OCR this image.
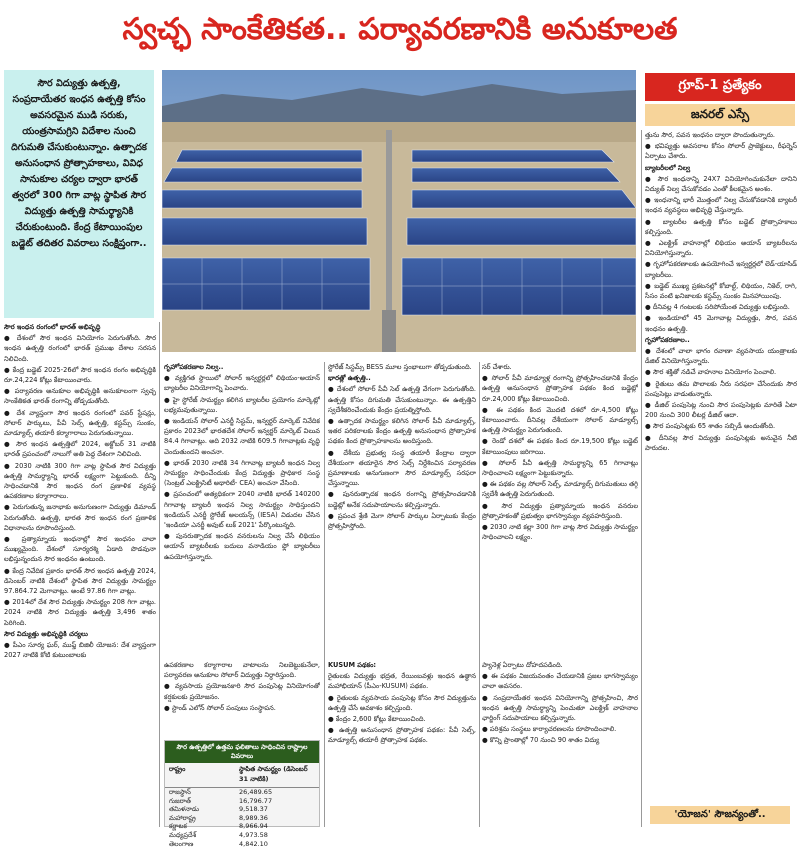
స్వచ్ఛ సాంకేతికత.. పర్యావరణానికి అనుకూలత
సౌర విద్యుత్తు ఉత్పత్తి, సంప్రదాయేతర ఇంధన ఉత్పత్తి కోసం అవసరమైన ముడి సరుకు, యంత్రసామగ్రిని విదేశాల నుంచి దిగుమతి చేసుకుంటున్నాం. ఉత్పాదక అనుసంధాన ప్రోత్సాహకాలు, వివిధ సానుకూల చర్యల ద్వారా భారత్ త్వరలో 300 గిగా వాట్ల స్థాపిత సౌర విద్యుత్తు ఉత్పత్తి సామర్థ్యానికి చేరుకుంటుంది. కేంద్ర కేటాయింపుల బడ్జెట్ తదితర వివరాలు సంక్షిప్తంగా..
గ్రూప్-1 ప్రత్యేకం
జనరల్ ఎస్సే

సౌర ఇంధన రంగంలో భారత్ అభివృద్ధి

● దేశంలో సౌర ఇంధన వినియోగం పెరుగుతోంది. సౌర ఇంధన ఉత్పత్తి రంగంలో భారత్ ప్రముఖ దేశాల సరసన నిలిచింది.

● కేంద్ర బడ్జెట్ 2025-26లో సౌర ఇంధన రంగం అభివృద్ధికి రూ.24,224 కోట్లు కేటాయించారు.

● పర్యావరణ అనుకూల అభివృద్ధికి అనుకూలంగా స్వచ్ఛ సాంకేతికత భారత్ రంగాన్ని తోడ్పడుతోంది.

● దేశ వ్యాప్తంగా సౌర ఇంధన రంగంలో పవర్ స్టేషన్లు, సోలార్ పార్కులు, పీవీ సెల్స్ ఉత్పత్తి, కస్టమ్స్ సుంకం, మాడ్యూల్స్ తయారీ కర్మాగారాలు పెరుగుతున్నాయి.

● సౌర ఇంధన ఉత్పత్తిలో 2024, అక్టోబర్ 31 నాటికి భారత్ ప్రపంచంలో నాలుగో అతి పెద్ద దేశంగా నిలిచింది.

● 2030 నాటికి 300 గిగా వాట్ల స్థాపిత సౌర విద్యుత్తు ఉత్పత్తి సామర్థ్యాన్ని భారత్ లక్ష్యంగా పెట్టుకుంది. దీన్ని సాధించడానికి సౌర ఇంధన రంగ ప్రణాళిక వ్యవస్థ ఉపకరణాల కర్మాగారాలు.

● పెరుగుతున్న జనాభాకు అనుగుణంగా విద్యుత్తు డిమాండ్ పెరుగుతోంది. ఉత్పత్తి, భారత సౌర ఇంధన రంగ ప్రణాళిక విధానాలను రూపొందిస్తుంది.

● ప్రత్యామ్నాయ ఇంధనాల్లో సౌర ఇంధనం చాలా ముఖ్యమైంది. దేశంలో సూర్యరశ్మి ఏడాది పొడవునా లభిస్తున్నందున సౌర ఇంధనం ఉంటుంది.

● కేంద్ర నివేదిక ప్రకారం భారత్ సౌర ఇంధన ఉత్పత్తి 2024, డిసెంబర్ నాటికి దేశంలో స్థాపిత సౌర విద్యుత్తు సామర్థ్యం 97.864.72 మెగావాట్లు. అంటే 97.86 గిగా వాట్లు.

● 2014లో దేశ సౌర విద్యుత్తు సామర్థ్యం 208 గిగా వాట్లు. 2024 నాటికి సౌర విద్యుత్తు ఉత్పత్తి 3,496 శాతం పెరిగింది.

సౌర విద్యుత్తు అభివృద్ధికి చర్యలు

● పీఎం సూర్య ఘర్, ముఫ్త్ బిజిలీ యోజన: దేశ వ్యాప్తంగా 2027 నాటికి కోటి కుటుంబాలకు

గృహోపకరణాల నిల్వ..

● వ్యక్తిగత స్థాయిలో సోలార్ ఇన్వర్టర్లలో లిథియం-అయాన్ బ్యాటరీల వినియోగాన్ని పెంచారు.

● హై స్టోరేజ్ సామర్థ్యం కలిగిన బ్యాటరీల ప్రయోగం మార్కెట్లో లభ్యమవుతున్నాయి.

● ఇండియన్ సోలార్ ఎనర్జీ సిస్టమ్, ఇన్వర్టర్ మార్కెట్ నివేదిక ప్రకారం 2023లో భారతదేశ సోలార్ ఇన్వర్టర్ మార్కెట్ విలువ 84.4 గిగావాట్లు. అది 2032 నాటికి 609.5 గిగావాట్లకు వృద్ధి చెందుతుందని అంచనా.

● భారత్ 2030 నాటికి 34 గిగావాట్ల బ్యాటరీ ఇంధన నిల్వ సామర్థ్యం సాధించేందుకు కేంద్ర విద్యుత్తు ప్రాధికార సంస్థ (సెంట్రల్ ఎలక్ట్రిసిటీ అథారిటీ- CEA) అంచనా వేసింది.

● ప్రపంచంలో అత్యధికంగా 2040 నాటికి భారత్ 140200 గిగావాట్ల బ్యాటరీ ఇంధన నిల్వ సామర్థ్యం సాధిస్తుందని ఇండియన్ ఎనర్జీ స్టోరేజ్ అలయన్స్ (IESA) విడుదల చేసిన 'ఇండియా ఎనర్జీ అవుట్ లుక్ 2021' పేర్కొంటున్నది.

● పునరుత్పాదక ఇంధన వనరులను నిల్వ చేసే లిథియం అయాన్ బ్యాటరీలకు బదులు వనాడియం ఫ్లో బ్యాటరీలు ఉపయోగిస్తున్నారు.

స్టోరేజ్ సిస్టమ్స్ BESS మూల స్తంభాలుగా తోడ్పడుతుంది.

భారత్లో ఉత్పత్తి..

● దేశంలో సోలార్ పీవీ సెల్ ఉత్పత్తి వేగంగా పెరుగుతోంది. ఉత్పత్తి కోసం దిగుమతి చేసుకుంటున్నాం. ఈ ఉత్పత్తిని స్వదేశీకరించేందుకు కేంద్రం ప్రయత్నిస్తోంది.

● ఉత్పాదక సామర్థ్యం కలిగిన సోలార్ పీవీ మాడ్యూల్స్, ఇతర పరికరాలకు కేంద్రం ఉత్పత్తి అనుసంధాన ప్రోత్సాహక పథకం కింద ప్రోత్సాహకాలను అందిస్తుంది.

● దేశీయ ప్రభుత్వ సంస్థ తయారీ కేంద్రాల ద్వారా దేశీయంగా తయారైన సౌర సెల్స్ నిర్దేశించిన పర్యావరణ ప్రమాణాలకు అనుగుణంగా సౌర మాడ్యూల్స్ సరఫరా చేస్తున్నాయి.

● పునరుత్పాదక ఇంధన రంగాన్ని ప్రోత్సహించడానికి బడ్జెట్లో అనేక సదుపాయాలను కల్పిస్తున్నారు.

● ప్రపంచ శ్రేణి మెగా సోలార్ పార్కుల ఏర్పాటుకు కేంద్రం ప్రోత్సహిస్తోంది.

సర్ చేశారు.

● సోలార్ పీవీ మాడ్యూళ్ల రంగాన్ని ప్రోత్సహించడానికి కేంద్రం ఉత్పత్తి అనుసంధాన ప్రోత్సాహక పథకం కింద బడ్జెట్లో రూ.24,000 కోట్లు కేటాయించింది.

● ఈ పథకం కింద మొదటి దశలో రూ.4,500 కోట్లు కేటాయించారు. దీనివల్ల దేశీయంగా సోలార్ మాడ్యూల్స్ ఉత్పత్తి సామర్థ్యం పెరుగుతుంది.

● రెండో దశలో ఈ పథకం కింద రూ.19,500 కోట్లు బడ్జెట్ కేటాయింపులు జరిగాయి.

● సోలార్ పీవీ ఉత్పత్తి సామర్థ్యాన్ని 65 గిగావాట్లు సాధించాలని లక్ష్యంగా పెట్టుకున్నారు.

● ఈ పథకం వల్ల సోలార్ సెల్స్, మాడ్యూల్స్ దిగుమతులు తగ్గి స్వదేశీ ఉత్పత్తి పెరుగుతుంది.

● సౌర విద్యుత్తు ప్రత్యామ్నాయ ఇంధన వనరుల ప్రోత్సాహకంతో ప్రభుత్వం భాగస్వామ్యం వ్యవహరిస్తుంది.

● 2030 నాటి కల్లా 300 గిగా వాట్ల సౌర విద్యుత్తు సామర్థ్యం సాధించాలని లక్ష్యం.

ఉపకరణాల కర్మాగారాల వాటాలను నిలబెట్టుకునేలా, పర్యావరణ అనుకూల సోలార్ విద్యుత్తు నిర్ధారిస్తుంది.

● వ్యవసాయ ప్రయోజనకారి సౌర పంపుసెట్ల వినియోగంతో కర్షకులకు ప్రయోజనం.

● స్టాండ్ ఎలోన్ సోలార్ పంపులు సంస్థాపన.

KUSUM పథకం:

రైతులకు విద్యుత్తు భద్రత, రేయింబవళ్లు ఇంధన ఉత్థాన మహాభియాన్ (పీఎం-KUSUM) పథకం.

● రైతులకు వ్యవసాయ పంపుసెట్ల కోసం సౌర విద్యుత్తును ఉత్పత్తి చేసే అవకాశం కల్పిస్తుంది.

● కేంద్రం 2,600 కోట్లు కేటాయించింది.

● ఉత్పత్తి అనుసంధాన ప్రోత్సాహక పథకం: పీవీ సెల్స్, మాడ్యూల్స్ తయారీ ప్రోత్సాహక పథకం.

ప్యానెళ్ల ఏర్పాటు దోహదపడింది.

● ఈ పథకం విజయవంతం చేయడానికి ప్రజల భాగస్వామ్యం చాలా అవసరం.

● సంప్రదాయేతర ఇంధన వినియోగాన్ని ప్రోత్సహించి, సౌర ఇంధన ఉత్పత్తి సామర్థ్యాన్ని పెంచుతూ ఎలక్ట్రిక్ వాహనాల ఛార్జింగ్ సదుపాయాలు కల్పిస్తున్నారు.

● పరిశ్రమ సంస్థలు కార్యాచరణలను రూపొందించాలి.

● కొన్ని ప్రాంతాల్లో 70 నుంచి 90 శాతం విద్యు

త్తును సౌర, పవన ఇంధనం ద్వారా పొందుతున్నారు.

● భవిష్యత్తు అవసరాల కోసం సోలార్ ప్రాజెక్టులు, రీఫర్నెస్ ఏర్పాటు చేశారు.

బ్యాటరీలలో నిల్వ

● సౌర ఇంధనాన్ని 24X7 వినియోగించుకునేలా దానిని విద్యుత్ నిల్వ చేసుకోవడం ఎంతో కీలకమైన అంశం.

● ఇంధనాన్ని భారీ మొత్తంలో నిల్వ చేసుకోవడానికి బ్యాటరీ ఇంధన వ్యవస్థలు అభివృద్ధి చేస్తున్నారు.

● బ్యాటరీల ఉత్పత్తి కోసం బడ్జెట్ ప్రోత్సాహకాలు కల్పిస్తుంది.

● ఎలక్ట్రిక్ వాహనాల్లో లిథియం అయాన్ బ్యాటరీలను వినియోగిస్తున్నారు.

● గృహోపకరణాలకు ఉపయోగించే ఇన్వర్టర్లలో లెడ్-యాసిడ్ బ్యాటరీలు.

● బడ్జెట్ ముఖ్య ప్రకటనల్లో కోబాల్ట్, లిథియం, నికెల్, రాగి, సీసం వంటి ఖనిజాలకు కస్టమ్స్ సుంకం మినహాయింపు.

● దీనివల్ల 4 గంటలకు సరిపోయేంత విద్యుత్తు లభిస్తుంది.

● ఇండియాలో 45 మెగావాట్ల విద్యుత్తు, సౌర, పవన ఇంధనం ఉత్పత్తి.

గృహోపకరణాల..

● దేశంలో చాలా భాగం రవాణా వ్యవసాయ యంత్రాలకు డీజిల్ వినియోగిస్తున్నారు.

● సౌర శక్తితో నడిచే వాహనాల వినియోగం పెంచాలి.

● రైతులు తమ పొలాలకు నీరు సరఫరా చేసేందుకు సౌర పంపుసెట్లు వాడుతున్నారు.

● డీజిల్ పంపుసెట్ల నుంచి సౌర పంపుసెట్లకు మారితే ఏటా 200 నుంచి 300 లీటర్ల డీజిల్ ఆదా.

● సౌర పంపుసెట్లకు 65 శాతం సబ్సిడీ అందుతోంది.

● దీనివల్ల సౌర విద్యుత్తు పంపుసెట్లకు అనువైన నీటి పారుదల.

సౌర ఉత్పత్తిలో ఉత్తమ ఫలితాలు సాధించిన రాష్ట్రాల వివరాలు
రాష్ట్రం	స్థాపిత సామర్థ్యం (డిసెంబర్ 31 నాటికి)
రాజస్థాన్	26,489.65
గుజరాత్	16,796.77
తమిళనాడు	9,518.37
మహారాష్ట్ర	8,989.36
కర్ణాటక	8,966.94
మధ్యప్రదేశ్	4,973.58
తెలంగాణ	4,842.10
'యోజన' సౌజన్యంతో..
